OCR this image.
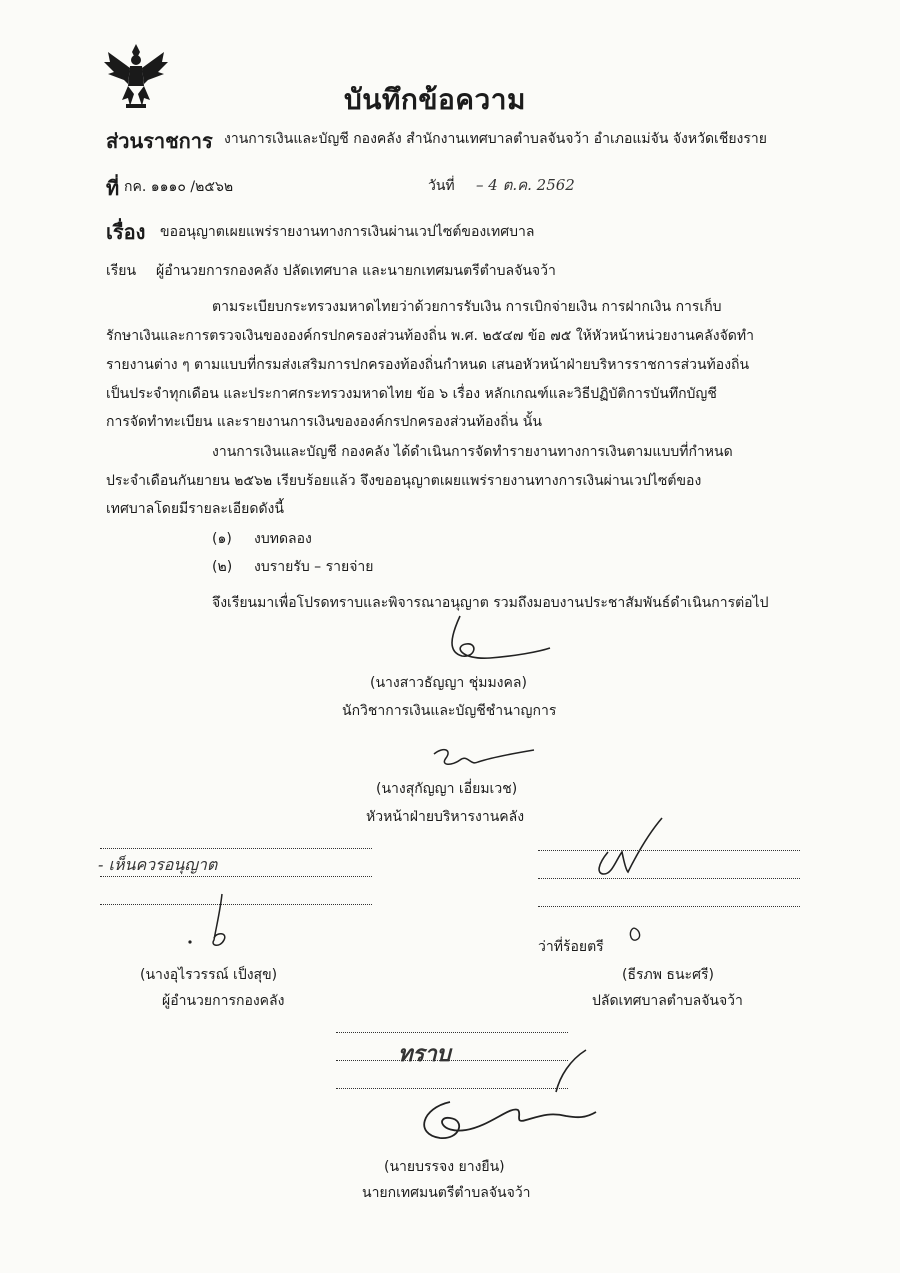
บันทึกข้อความ
ส่วนราชการ งานการเงินและบัญชี กองคลัง สำนักงานเทศบาลตำบลจันจว้า อำเภอแม่จัน จังหวัดเชียงราย
ที่ กค. ๑๑๑๐ /๒๕๖๒	วันที่ – 4 ต.ค. 2562
เรื่อง ขออนุญาตเผยแพร่รายงานทางการเงินผ่านเวปไซต์ของเทศบาล
เรียน ผู้อำนวยการกองคลัง ปลัดเทศบาล และนายกเทศมนตรีตำบลจันจว้า
ตามระเบียบกระทรวงมหาดไทยว่าด้วยการรับเงิน การเบิกจ่ายเงิน การฝากเงิน การเก็บ
รักษาเงินและการตรวจเงินขององค์กรปกครองส่วนท้องถิ่น พ.ศ. ๒๕๔๗ ข้อ ๗๕ ให้หัวหน้าหน่วยงานคลังจัดทำ
รายงานต่าง ๆ ตามแบบที่กรมส่งเสริมการปกครองท้องถิ่นกำหนด เสนอหัวหน้าฝ่ายบริหารราชการส่วนท้องถิ่น
เป็นประจำทุกเดือน และประกาศกระทรวงมหาดไทย ข้อ ๖ เรื่อง หลักเกณฑ์และวิธีปฏิบัติการบันทึกบัญชี
การจัดทำทะเบียน และรายงานการเงินขององค์กรปกครองส่วนท้องถิ่น นั้น
งานการเงินและบัญชี กองคลัง ได้ดำเนินการจัดทำรายงานทางการเงินตามแบบที่กำหนด
ประจำเดือนกันยายน ๒๕๖๒ เรียบร้อยแล้ว จึงขออนุญาตเผยแพร่รายงานทางการเงินผ่านเวปไซต์ของ
เทศบาลโดยมีรายละเอียดดังนี้
(๑) งบทดลอง
(๒) งบรายรับ – รายจ่าย
จึงเรียนมาเพื่อโปรดทราบและพิจารณาอนุญาต รวมถึงมอบงานประชาสัมพันธ์ดำเนินการต่อไป
(นางสาวธัญญา ชุ่มมงคล)
นักวิชาการเงินและบัญชีชำนาญการ
(นางสุกัญญา เอี่ยมเวช)
หัวหน้าฝ่ายบริหารงานคลัง
- เห็นควรอนุญาต
(นางอุไรวรรณ์ เป็งสุข)
ผู้อำนวยการกองคลัง
ว่าที่ร้อยตรี
(ธีรภพ ธนะศรี)
ปลัดเทศบาลตำบลจันจว้า
ทราบ
(นายบรรจง ยางยืน)
นายกเทศมนตรีตำบลจันจว้า
